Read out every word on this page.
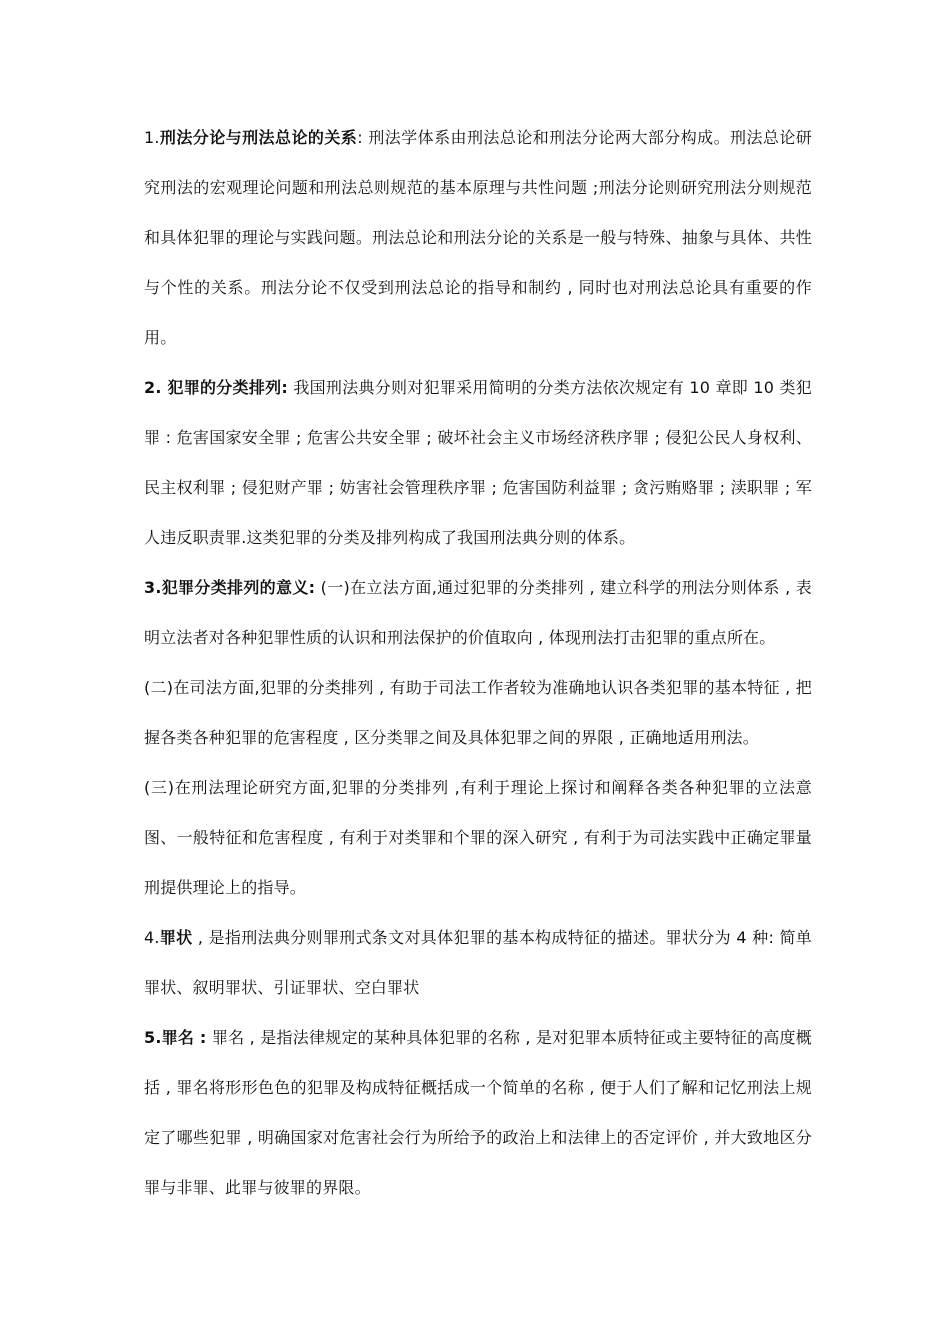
1.刑法分论与刑法总论的关系: 刑法学体系由刑法总论和刑法分论两大部分构成。刑法总论研究刑法的宏观理论问题和刑法总则规范的基本原理与共性问题 ;刑法分论则研究刑法分则规范和具体犯罪的理论与实践问题。刑法总论和刑法分论的关系是一般与特殊、抽象与具体、共性与个性的关系。刑法分论不仅受到刑法总论的指导和制约 , 同时也对刑法总论具有重要的作用。

2. 犯罪的分类排列: 我国刑法典分则对犯罪采用简明的分类方法依次规定有 10 章即 10 类犯罪 : 危害国家安全罪 ; 危害公共安全罪 ; 破坏社会主义市场经济秩序罪 ; 侵犯公民人身权利、民主权利罪 ; 侵犯财产罪 ; 妨害社会管理秩序罪 ; 危害国防利益罪 ; 贪污贿赂罪 ; 渎职罪 ; 军人违反职责罪.这类犯罪的分类及排列构成了我国刑法典分则的体系。

3.犯罪分类排列的意义: (一)在立法方面,通过犯罪的分类排列 , 建立科学的刑法分则体系 , 表明立法者对各种犯罪性质的认识和刑法保护的价值取向 , 体现刑法打击犯罪的重点所在。

(二)在司法方面,犯罪的分类排列 , 有助于司法工作者较为准确地认识各类犯罪的基本特征 , 把握各类各种犯罪的危害程度 , 区分类罪之间及具体犯罪之间的界限 , 正确地适用刑法。

(三)在刑法理论研究方面,犯罪的分类排列 ,有利于理论上探讨和阐释各类各种犯罪的立法意图、一般特征和危害程度 , 有利于对类罪和个罪的深入研究 , 有利于为司法实践中正确定罪量刑提供理论上的指导。

4.罪状 , 是指刑法典分则罪刑式条文对具体犯罪的基本构成特征的描述。罪状分为 4 种: 简单罪状、叙明罪状、引证罪状、空白罪状

5.罪名 : 罪名 , 是指法律规定的某种具体犯罪的名称 , 是对犯罪本质特征或主要特征的高度概括 , 罪名将形形色色的犯罪及构成特征概括成一个简单的名称 , 便于人们了解和记忆刑法上规定了哪些犯罪 , 明确国家对危害社会行为所给予的政治上和法律上的否定评价 , 并大致地区分罪与非罪、此罪与彼罪的界限。
